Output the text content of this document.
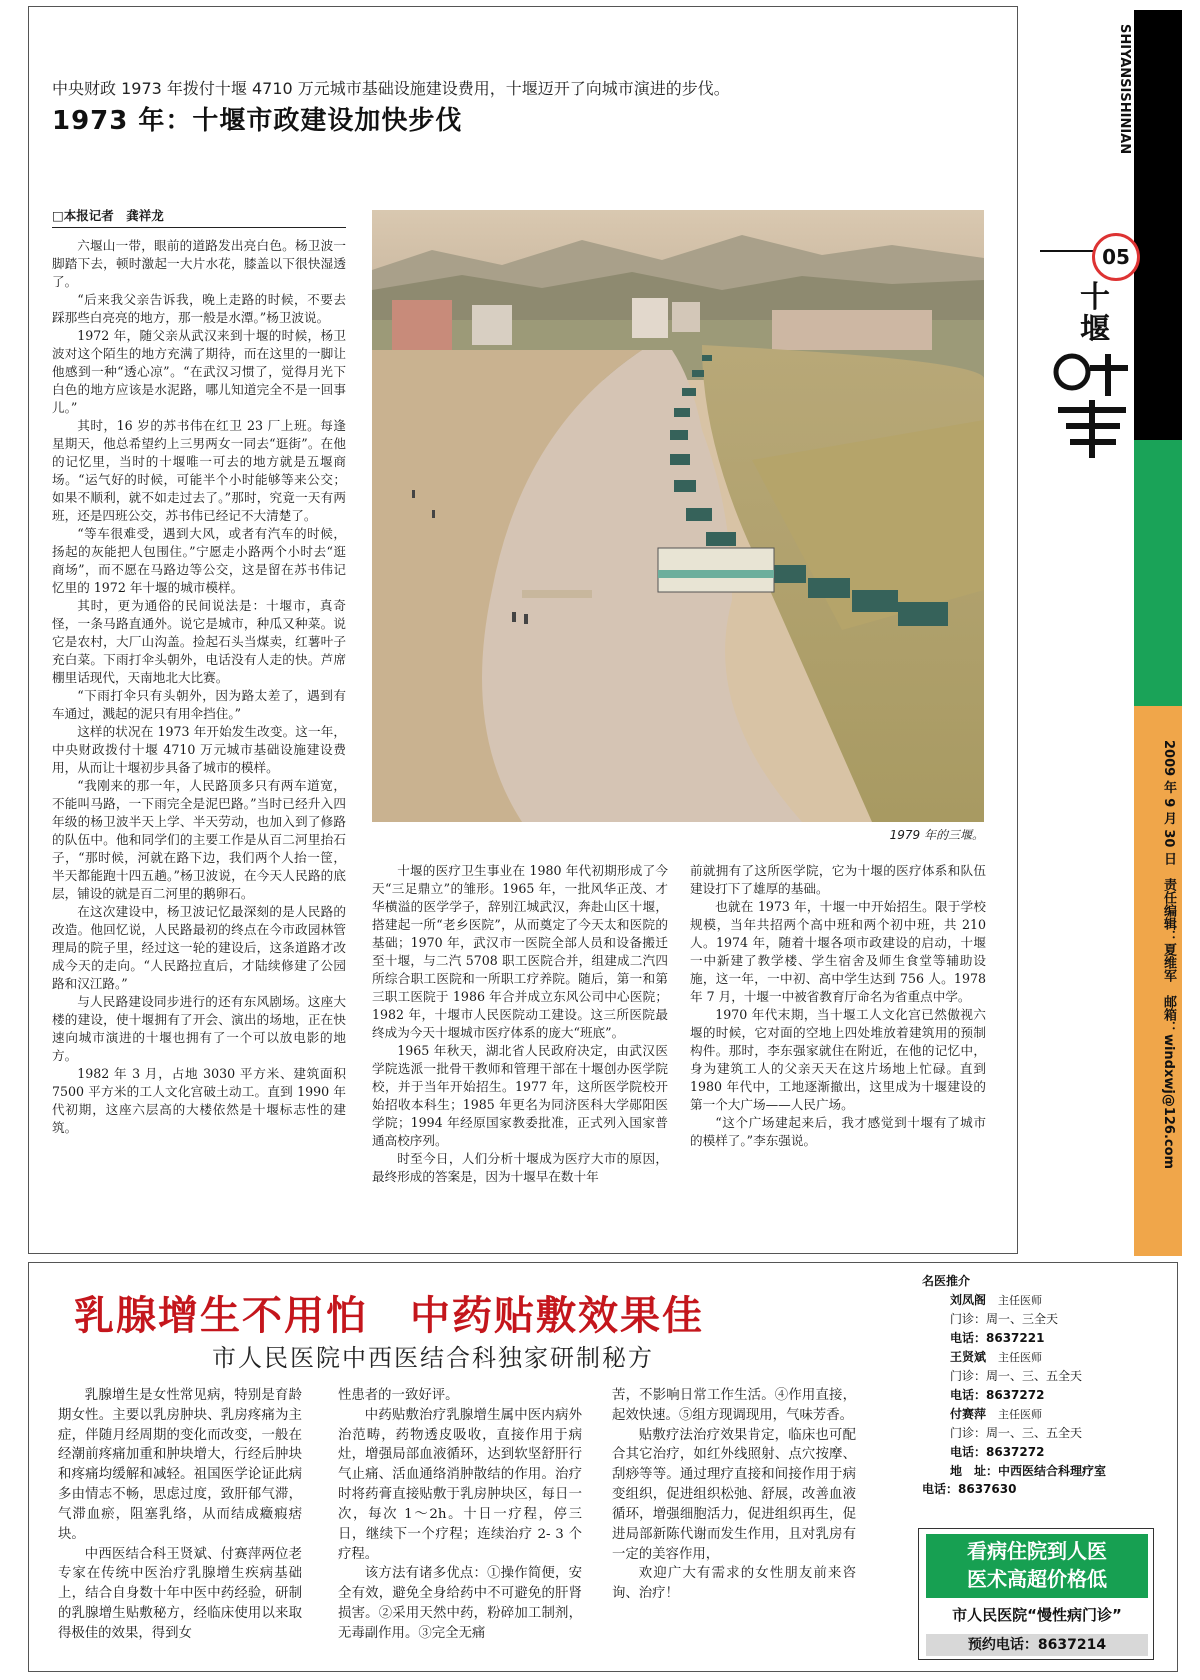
中央财政 1973 年拨付十堰 4710 万元城市基础设施建设费用，十堰迈开了向城市演进的步伐。
1973 年：十堰市政建设加快步伐
□本报记者　龚祥龙

六堰山一带，眼前的道路发出亮白色。杨卫波一脚踏下去，顿时激起一大片水花，膝盖以下很快湿透了。

“后来我父亲告诉我，晚上走路的时候，不要去踩那些白亮亮的地方，那一般是水潭。”杨卫波说。

1972 年，随父亲从武汉来到十堰的时候，杨卫波对这个陌生的地方充满了期待，而在这里的一脚让他感到一种“透心凉”。“在武汉习惯了，觉得月光下白色的地方应该是水泥路，哪儿知道完全不是一回事儿。”

其时，16 岁的苏书伟在红卫 23 厂上班。每逢星期天，他总希望约上三男两女一同去“逛街”。在他的记忆里，当时的十堰唯一可去的地方就是五堰商场。“运气好的时候，可能半个小时能够等来公交；如果不顺利，就不如走过去了。”那时，究竟一天有两班，还是四班公交，苏书伟已经记不大清楚了。

“等车很难受，遇到大风，或者有汽车的时候，扬起的灰能把人包围住。”宁愿走小路两个小时去“逛商场”，而不愿在马路边等公交，这是留在苏书伟记忆里的 1972 年十堰的城市模样。

其时，更为通俗的民间说法是：十堰市，真奇怪，一条马路直通外。说它是城市，种瓜又种菜。说它是农村，大厂山沟盖。捡起石头当煤卖，红薯叶子充白菜。下雨打伞头朝外，电话没有人走的快。芦席棚里话现代，天南地北大比赛。

“下雨打伞只有头朝外，因为路太差了，遇到有车通过，溅起的泥只有用伞挡住。”

这样的状况在 1973 年开始发生改变。这一年，中央财政拨付十堰 4710 万元城市基础设施建设费用，从而让十堰初步具备了城市的模样。

“我刚来的那一年，人民路顶多只有两车道宽，不能叫马路，一下雨完全是泥巴路。”当时已经升入四年级的杨卫波半天上学、半天劳动，也加入到了修路的队伍中。他和同学们的主要工作是从百二河里抬石子，“那时候，河就在路下边，我们两个人抬一筐，半天都能跑十四五趟。”杨卫波说，在今天人民路的底层，铺设的就是百二河里的鹅卵石。

在这次建设中，杨卫波记忆最深刻的是人民路的改造。他回忆说，人民路最初的终点在今市政园林管理局的院子里，经过这一轮的建设后，这条道路才改成今天的走向。“人民路拉直后，才陆续修建了公园路和汉江路。”

与人民路建设同步进行的还有东风剧场。这座大楼的建设，使十堰拥有了开会、演出的场地，正在快速向城市演进的十堰也拥有了一个可以放电影的地方。

1982 年 3 月，占地 3030 平方米、建筑面积 7500 平方米的工人文化宫破土动工。直到 1990 年代初期，这座六层高的大楼依然是十堰标志性的建筑。

1979 年的三堰。

十堰的医疗卫生事业在 1980 年代初期形成了今天“三足鼎立”的雏形。1965 年，一批风华正茂、才华横溢的医学学子，辞别江城武汉，奔赴山区十堰，搭建起一所“老乡医院”，从而奠定了今天太和医院的基础；1970 年，武汉市一医院全部人员和设备搬迁至十堰，与二汽 5708 职工医院合并，组建成二汽四所综合职工医院和一所职工疗养院。随后，第一和第三职工医院于 1986 年合并成立东风公司中心医院；1982 年，十堰市人民医院动工建设。这三所医院最终成为今天十堰城市医疗体系的庞大“班底”。

1965 年秋天，湖北省人民政府决定，由武汉医学院选派一批骨干教师和管理干部在十堰创办医学院校，并于当年开始招生。1977 年，这所医学院校开始招收本科生；1985 年更名为同济医科大学郧阳医学院；1994 年经原国家教委批准，正式列入国家普通高校序列。

时至今日，人们分析十堰成为医疗大市的原因，最终形成的答案是，因为十堰早在数十年

前就拥有了这所医学院，它为十堰的医疗体系和队伍建设打下了雄厚的基础。

也就在 1973 年，十堰一中开始招生。限于学校规模，当年共招两个高中班和两个初中班，共 210 人。1974 年，随着十堰各项市政建设的启动，十堰一中新建了教学楼、学生宿舍及师生食堂等辅助设施，这一年，一中初、高中学生达到 756 人。1978 年 7 月，十堰一中被省教育厅命名为省重点中学。

1970 年代末期，当十堰工人文化宫已然傲视六堰的时候，它对面的空地上四处堆放着建筑用的预制构件。那时，李东强家就住在附近，在他的记忆中，身为建筑工人的父亲天天在这片场地上忙碌。直到 1980 年代中，工地逐渐撤出，这里成为十堰建设的第一个大广场——人民广场。

“这个广场建起来后，我才感觉到十堰有了城市的模样了。”李东强说。

SHIYANSISHINIAN
05
十
堰
2009 年 9 月 30 日　责任编辑：夏维军　邮箱：windxwj@126.com
乳腺增生不用怕　中药贴敷效果佳
市人民医院中西医结合科独家研制秘方

乳腺增生是女性常见病，特别是育龄期女性。主要以乳房肿块、乳房疼痛为主症，伴随月经周期的变化而改变，一般在经潮前疼痛加重和肿块增大，行经后肿块和疼痛均缓解和减轻。祖国医学论证此病多由情志不畅，思虑过度，致肝郁气滞，气滞血瘀，阻塞乳络，从而结成癥瘕痞块。

中西医结合科王贤斌、付赛萍两位老专家在传统中医治疗乳腺增生疾病基础上，结合自身数十年中医中药经验，研制的乳腺增生贴敷秘方，经临床使用以来取得极佳的效果，得到女

性患者的一致好评。

中药贴敷治疗乳腺增生属中医内病外治范畴，药物透皮吸收，直接作用于病灶，增强局部血液循环，达到软坚舒肝行气止痛、活血通络消肿散结的作用。治疗时将药膏直接贴敷于乳房肿块区，每日一次，每次 1～2h。十日一疗程，停三日，继续下一个疗程；连续治疗 2- 3 个疗程。

该方法有诸多优点：①操作简便，安全有效，避免全身给药中不可避免的肝肾损害。②采用天然中药，粉碎加工制剂，无毒副作用。③完全无痛

苦，不影响日常工作生活。④作用直接，起效快速。⑤组方现调现用，气味芳香。

贴敷疗法治疗效果肯定，临床也可配合其它治疗，如红外线照射、点穴按摩、刮痧等等。通过理疗直接和间接作用于病变组织，促进组织松弛、舒展，改善血液循环，增强细胞活力，促进组织再生，促进局部新陈代谢而发生作用，且对乳房有一定的美容作用，

欢迎广大有需求的女性朋友前来咨询、治疗！

名医推介
刘凤阁　 主任医师
门诊：周一、三全天
电话：8637221
王贤斌　 主任医师
门诊：周一、三、五全天
电话：8637272
付赛萍　 主任医师
门诊：周一、三、五全天
电话：8637272
地　址：中西医结合科理疗室
电话：8637630
看病住院到人医
医术高超价格低
市人民医院“慢性病门诊”
预约电话：8637214
